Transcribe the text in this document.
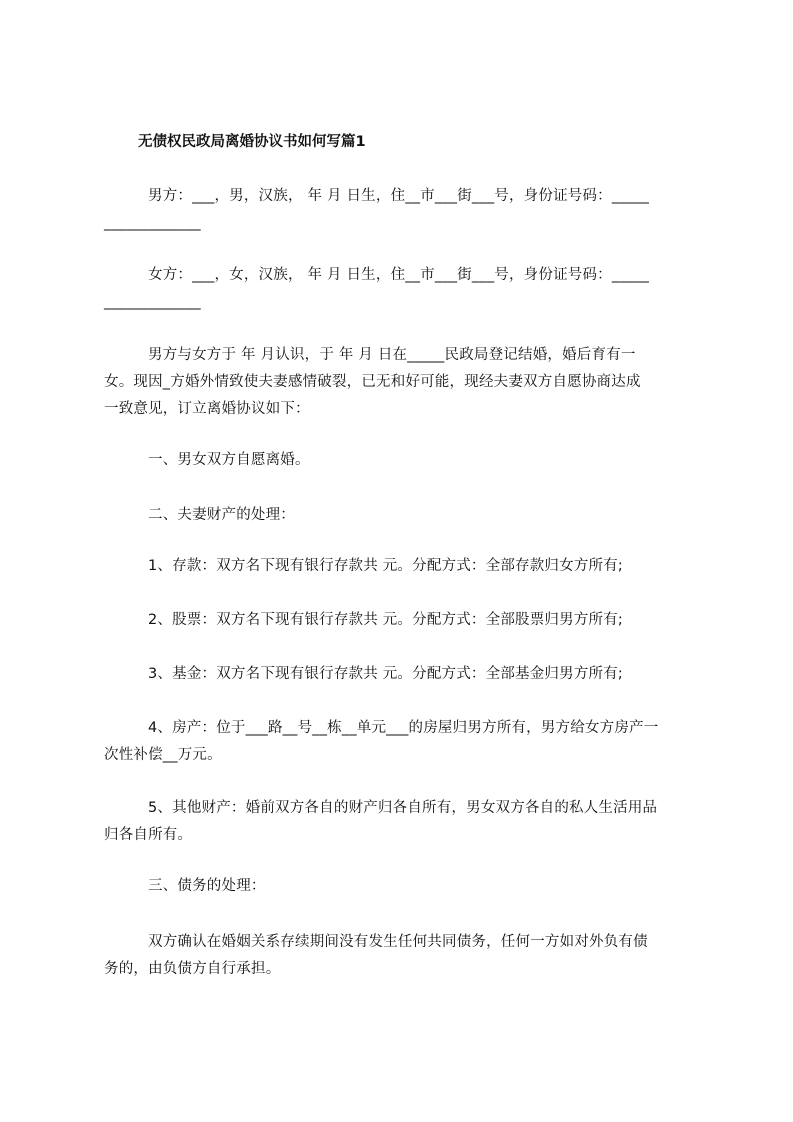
无债权民政局离婚协议书如何写篇1
男方：___，男，汉族， 年 月 日生，住__市___街___号，身份证号码：_____
_____________
女方：___，女，汉族， 年 月 日生，住__市___街___号，身份证号码：_____
_____________
男方与女方于 年 月认识，于 年 月 日在_____民政局登记结婚，婚后育有一
女。现因_方婚外情致使夫妻感情破裂，已无和好可能，现经夫妻双方自愿协商达成
一致意见，订立离婚协议如下：
一、男女双方自愿离婚。
二、夫妻财产的处理：
1、存款：双方名下现有银行存款共 元。分配方式：全部存款归女方所有;
2、股票：双方名下现有银行存款共 元。分配方式：全部股票归男方所有;
3、基金：双方名下现有银行存款共 元。分配方式：全部基金归男方所有;
4、房产：位于___路__号__栋__单元___的房屋归男方所有，男方给女方房产一
次性补偿__万元。
5、其他财产：婚前双方各自的财产归各自所有，男女双方各自的私人生活用品
归各自所有。
三、债务的处理：
双方确认在婚姻关系存续期间没有发生任何共同债务，任何一方如对外负有债
务的，由负债方自行承担。
